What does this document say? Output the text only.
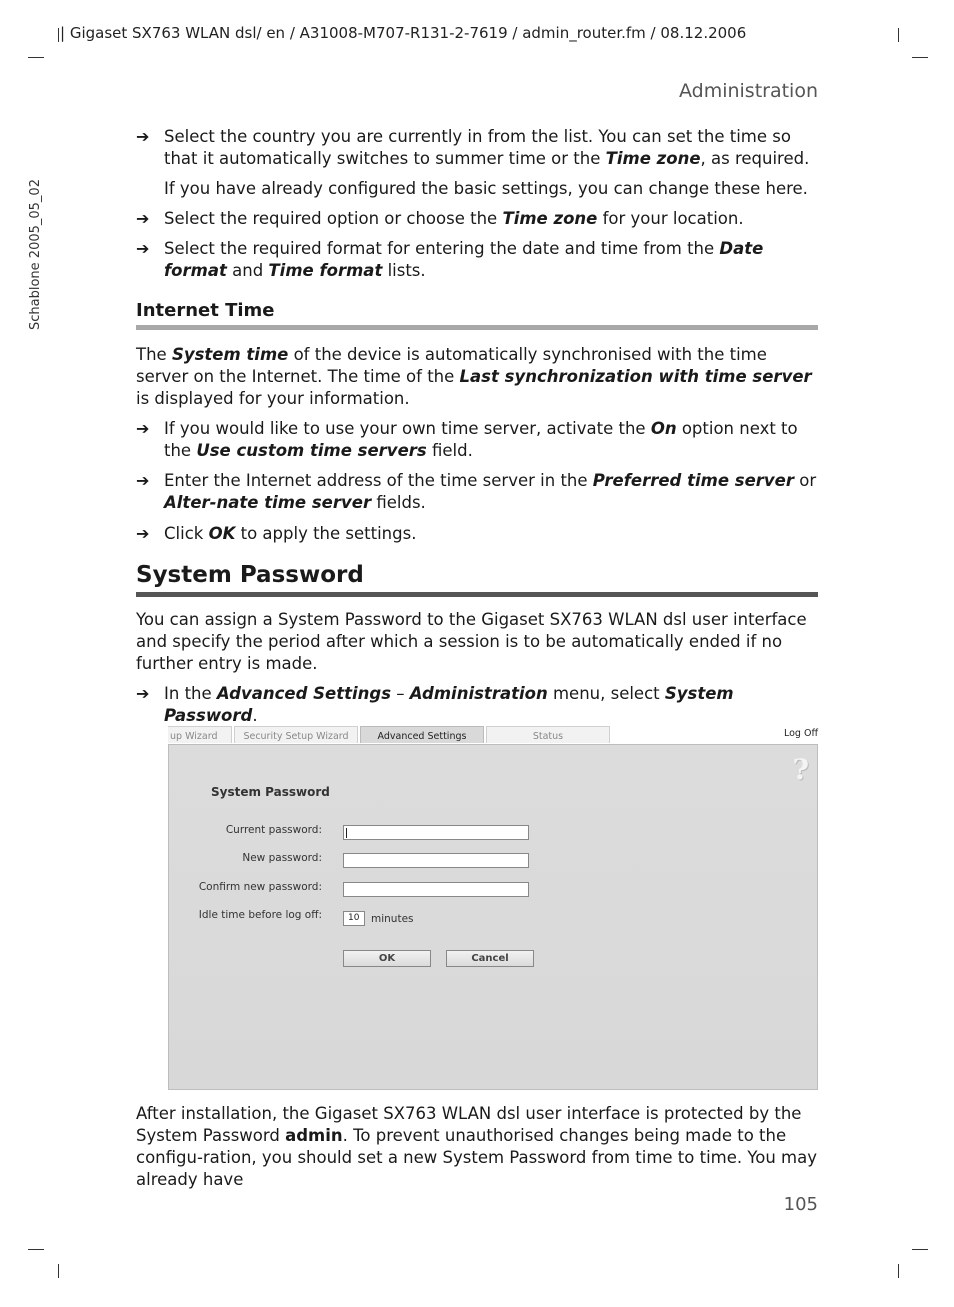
| Gigaset SX763 WLAN dsl/ en / A31008-M707-R131-2-7619 / admin_router.fm / 08.12.2006
Schablone 2005_05_02
Administration
➔ Select the country you are currently in from the list. You can set the time so that it automatically switches to summer time or the Time zone, as required.
If you have already configured the basic settings, you can change these here.
➔ Select the required option or choose the Time zone for your location.
➔ Select the required format for entering the date and time from the Date format and Time format lists.
Internet Time
The System time of the device is automatically synchronised with the time server on the Internet. The time of the Last synchronization with time server is displayed for your information.
➔ If you would like to use your own time server, activate the On option next to the Use custom time servers field.
➔ Enter the Internet address of the time server in the Preferred time server or Alter-nate time server fields.
➔ Click OK to apply the settings.
System Password
You can assign a System Password to the Gigaset SX763 WLAN dsl user interface and specify the period after which a session is to be automatically ended if no further entry is made.
➔ In the Advanced Settings – Administration menu, select System Password.
up Wizard	Security Setup Wizard	Advanced Settings	Status	Log Off
System Password
?
Current password:
New password:
Confirm new password:
Idle time before log off:	10	minutes
OK	Cancel
After installation, the Gigaset SX763 WLAN dsl user interface is protected by the System Password admin. To prevent unauthorised changes being made to the configu-ration, you should set a new System Password from time to time. You may already have
105
